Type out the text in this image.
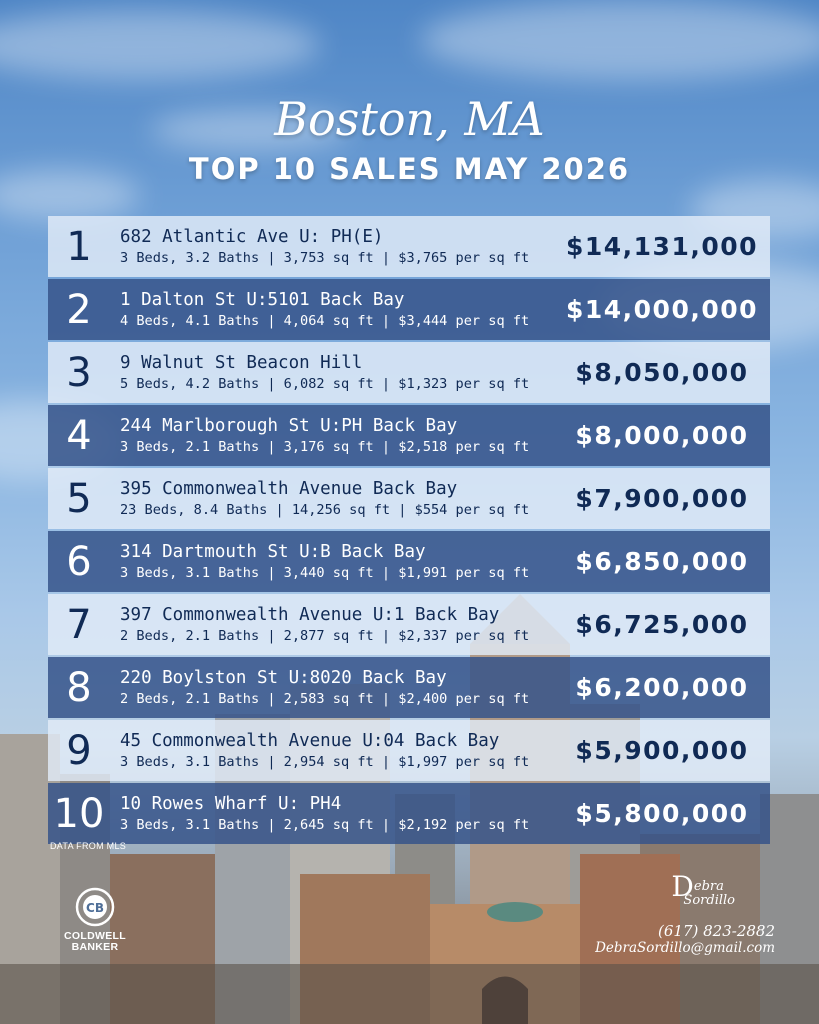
Boston, MA
TOP 10 SALES MAY 2026
1	682 Atlantic Ave U: PH(E)
3 Beds, 3.2 Baths | 3,753 sq ft | $3,765 per sq ft	$14,131,000
2	1 Dalton St U:5101 Back Bay
4 Beds, 4.1 Baths | 4,064 sq ft | $3,444 per sq ft	$14,000,000
3	9 Walnut St Beacon Hill
5 Beds, 4.2 Baths | 6,082 sq ft | $1,323 per sq ft	$8,050,000
4	244 Marlborough St U:PH Back Bay
3 Beds, 2.1 Baths | 3,176 sq ft | $2,518 per sq ft	$8,000,000
5	395 Commonwealth Avenue Back Bay
23 Beds, 8.4 Baths | 14,256 sq ft | $554 per sq ft	$7,900,000
6	314 Dartmouth St U:B Back Bay
3 Beds, 3.1 Baths | 3,440 sq ft | $1,991 per sq ft	$6,850,000
7	397 Commonwealth Avenue U:1 Back Bay
2 Beds, 2.1 Baths | 2,877 sq ft | $2,337 per sq ft	$6,725,000
8	220 Boylston St U:8020 Back Bay
2 Beds, 2.1 Baths | 2,583 sq ft | $2,400 per sq ft	$6,200,000
9	45 Commonwealth Avenue U:04 Back Bay
3 Beds, 3.1 Baths | 2,954 sq ft | $1,997 per sq ft	$5,900,000
10 10 Rowes Wharf U: PH4
3 Beds, 3.1 Baths | 2,645 sq ft | $2,192 per sq ft	$5,800,000
DATA FROM MLS
CB
COLDWELL
BANKER
Debra
Sordillo
(617) 823-2882
DebraSordillo@gmail.com
